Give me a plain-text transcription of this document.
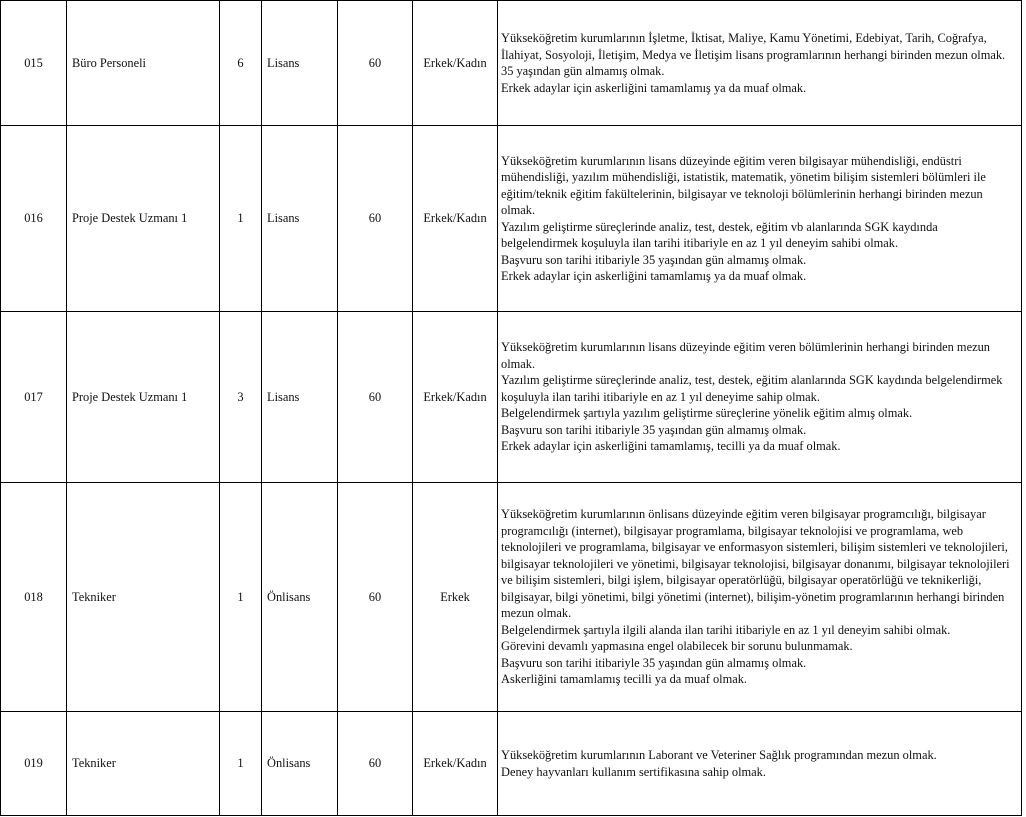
015	Büro Personeli	6	Lisans	60	Erkek/Kadın	Yükseköğretim kurumlarının İşletme, İktisat, Maliye, Kamu Yönetimi, Edebiyat, Tarih, Coğrafya, İlahiyat, Sosyoloji, İletişim, Medya ve İletişim lisans programlarının herhangi birinden mezun olmak.
35 yaşından gün almamış olmak.
Erkek adaylar için askerliğini tamamlamış ya da muaf olmak.

016	Proje Destek Uzmanı 1	1	Lisans	60	Erkek/Kadın	Yükseköğretim kurumlarının lisans düzeyinde eğitim veren bilgisayar mühendisliği, endüstri mühendisliği, yazılım mühendisliği, istatistik, matematik, yönetim bilişim sistemleri bölümleri ile eğitim/teknik eğitim fakültelerinin, bilgisayar ve teknoloji bölümlerinin herhangi birinden mezun olmak.
Yazılım geliştirme süreçlerinde analiz, test, destek, eğitim vb alanlarında SGK kaydında belgelendirmek koşuluyla ilan tarihi itibariyle en az 1 yıl deneyim sahibi olmak.
Başvuru son tarihi itibariyle 35 yaşından gün almamış olmak.
Erkek adaylar için askerliğini tamamlamış ya da muaf olmak.

017	Proje Destek Uzmanı 1	3	Lisans	60	Erkek/Kadın	Yükseköğretim kurumlarının lisans düzeyinde eğitim veren bölümlerinin herhangi birinden mezun olmak.
Yazılım geliştirme süreçlerinde analiz, test, destek, eğitim alanlarında SGK kaydında belgelendirmek koşuluyla ilan tarihi itibariyle en az 1 yıl deneyime sahip olmak.
Belgelendirmek şartıyla yazılım geliştirme süreçlerine yönelik eğitim almış olmak.
Başvuru son tarihi itibariyle 35 yaşından gün almamış olmak.
Erkek adaylar için askerliğini tamamlamış, tecilli ya da muaf olmak.

018	Tekniker	1	Önlisans	60	Erkek	Yükseköğretim kurumlarının önlisans düzeyinde eğitim veren bilgisayar programcılığı, bilgisayar programcılığı (internet), bilgisayar programlama, bilgisayar teknolojisi ve programlama, web teknolojileri ve programlama, bilgisayar ve enformasyon sistemleri, bilişim sistemleri ve teknolojileri, bilgisayar teknolojileri ve yönetimi, bilgisayar teknolojisi, bilgisayar donanımı, bilgisayar teknolojileri ve bilişim sistemleri, bilgi işlem, bilgisayar operatörlüğü, bilgisayar operatörlüğü ve teknikerliği, bilgisayar, bilgi yönetimi, bilgi yönetimi (internet), bilişim-yönetim programlarının herhangi birinden mezun olmak.
Belgelendirmek şartıyla ilgili alanda ilan tarihi itibariyle en az 1 yıl deneyim sahibi olmak.
Görevini devamlı yapmasına engel olabilecek bir sorunu bulunmamak.
Başvuru son tarihi itibariyle 35 yaşından gün almamış olmak.
Askerliğini tamamlamış tecilli ya da muaf olmak.

019	Tekniker	1	Önlisans	60	Erkek/Kadın	Yükseköğretim kurumlarının Laborant ve Veteriner Sağlık programından mezun olmak.
Deney hayvanları kullanım sertifikasına sahip olmak.
